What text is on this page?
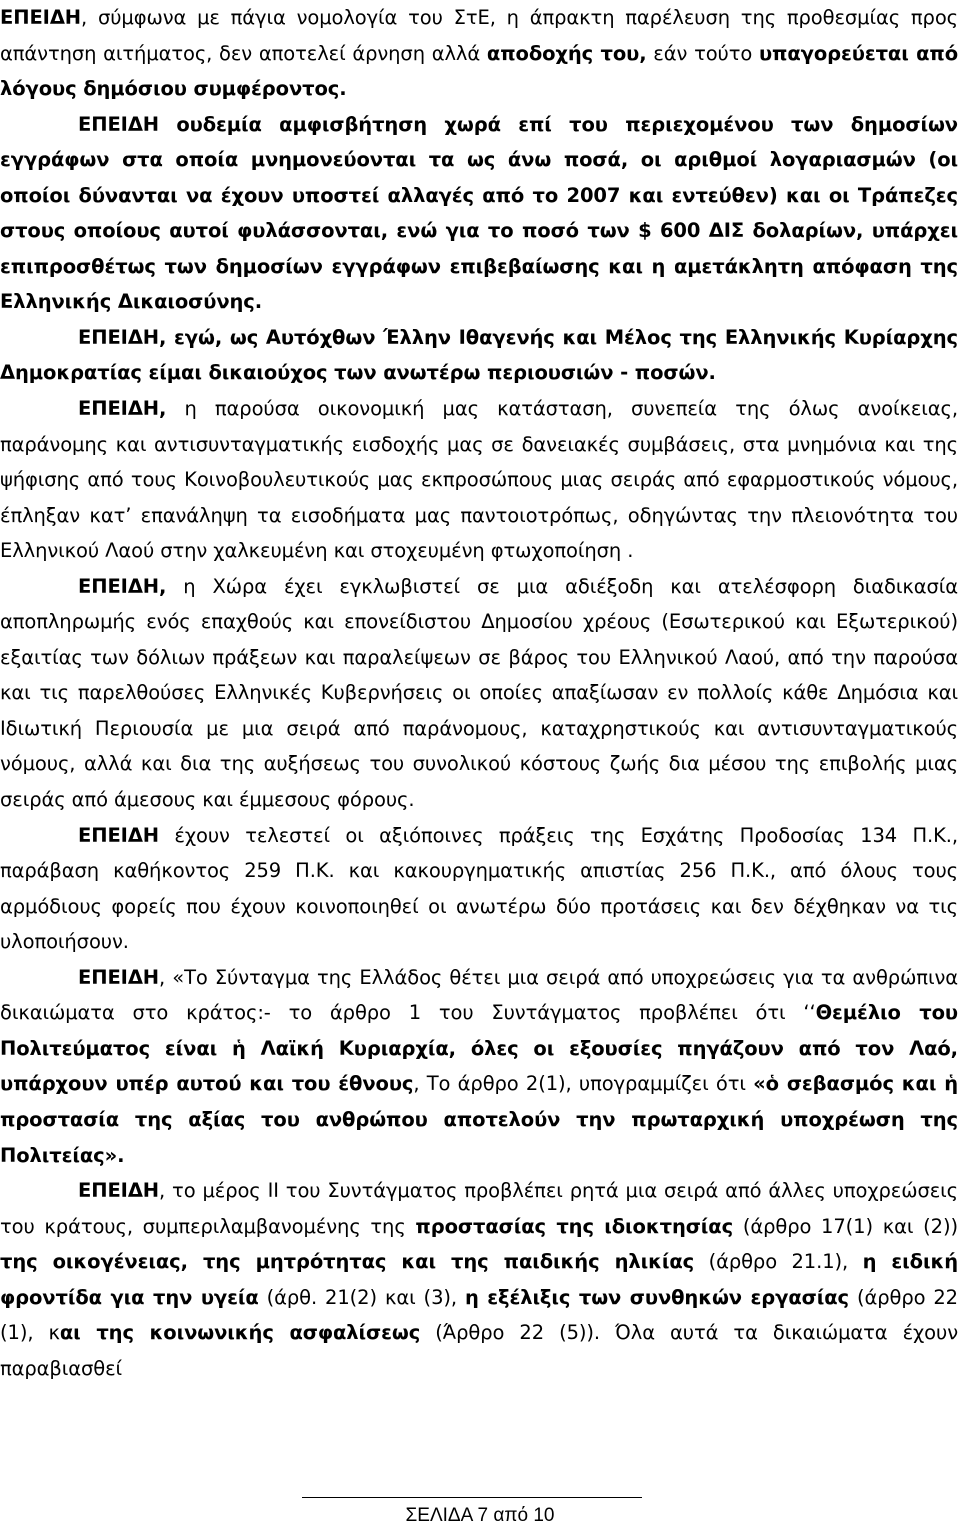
ΕΠΕΙΔΗ, σύμφωνα με πάγια νομολογία του ΣτΕ, η άπρακτη παρέλευση της προθεσμίας προς απάντηση αιτήματος, δεν αποτελεί άρνηση αλλά αποδοχής του, εάν τούτο υπαγορεύεται από λόγους δημόσιου συμφέροντος.

ΕΠΕΙΔΗ ουδεμία αμφισβήτηση χωρά επί του περιεχομένου των δημοσίων εγγράφων στα οποία μνημονεύονται τα ως άνω ποσά, οι αριθμοί λογαριασμών (οι οποίοι δύνανται να έχουν υποστεί αλλαγές από το 2007 και εντεύθεν) και οι Τράπεζες στους οποίους αυτοί φυλάσσονται, ενώ για το ποσό των $ 600 ΔΙΣ δολαρίων, υπάρχει επιπροσθέτως των δημοσίων εγγράφων επιβεβαίωσης και η αμετάκλητη απόφαση της Ελληνικής Δικαιοσύνης.

ΕΠΕΙΔΗ, εγώ, ως Αυτόχθων Έλλην Ιθαγενής και Μέλος της Ελληνικής Κυρίαρχης Δημοκρατίας είμαι δικαιούχος των ανωτέρω περιουσιών - ποσών.

ΕΠΕΙΔΗ, η παρούσα οικονομική μας κατάσταση, συνεπεία της όλως ανοίκειας, παράνομης και αντισυνταγματικής εισδοχής μας σε δανειακές συμβάσεις, στα μνημόνια και της ψήφισης από τους Κοινοβουλευτικούς μας εκπροσώπους μιας σειράς από εφαρμοστικούς νόμους, έπληξαν κατ’ επανάληψη τα εισοδήματα μας παντοιοτρόπως, οδηγώντας την πλειονότητα του Ελληνικού Λαού στην χαλκευμένη και στοχευμένη φτωχοποίηση .

ΕΠΕΙΔΗ, η Χώρα έχει εγκλωβιστεί σε μια αδιέξοδη και ατελέσφορη διαδικασία αποπληρωμής ενός επαχθούς και επονείδιστου Δημοσίου χρέους (Εσωτερικού και Εξωτερικού) εξαιτίας των δόλιων πράξεων και παραλείψεων σε βάρος του Ελληνικού Λαού, από την παρούσα και τις παρελθούσες Ελληνικές Κυβερνήσεις οι οποίες απαξίωσαν εν πολλοίς κάθε Δημόσια και Ιδιωτική Περιουσία με μια σειρά από παράνομους, καταχρηστικούς και αντισυνταγματικούς νόμους, αλλά και δια της αυξήσεως του συνολικού κόστους ζωής δια μέσου της επιβολής μιας σειράς από άμεσους και έμμεσους φόρους.

ΕΠΕΙΔΗ έχουν τελεστεί οι αξιόποινες πράξεις της Εσχάτης Προδοσίας 134 Π.Κ., παράβαση καθήκοντος 259 Π.Κ. και κακουργηματικής απιστίας 256 Π.Κ., από όλους τους αρμόδιους φορείς που έχουν κοινοποιηθεί οι ανωτέρω δύο προτάσεις και δεν δέχθηκαν να τις υλοποιήσουν.

ΕΠΕΙΔΗ, «Το Σύνταγμα της Ελλάδος θέτει μια σειρά από υποχρεώσεις για τα ανθρώπινα δικαιώματα στο κράτος:- το άρθρο 1 του Συντάγματος προβλέπει ότι ‘‘Θεμέλιο του Πολιτεύματος είναι ἡ Λαϊκή Κυριαρχία, όλες οι εξουσίες πηγάζουν από τον Λαό, υπάρχουν υπέρ αυτού και του έθνους, Το άρθρο 2(1), υπογραμμίζει ότι «ὁ σεβασμός και ἡ προστασία της αξίας του ανθρώπου αποτελούν την πρωταρχική υποχρέωση της Πολιτείας».

ΕΠΕΙΔΗ, το μέρος ΙΙ του Συντάγματος προβλέπει ρητά μια σειρά από άλλες υποχρεώσεις του κράτους, συμπεριλαμβανομένης της προστασίας της ιδιοκτησίας (άρθρο 17(1) και (2)) της οικογένειας, της μητρότητας και της παιδικής ηλικίας (άρθρο 21.1), η ειδική φροντίδα για την υγεία (άρθ. 21(2) και (3), η εξέλιξις των συνθηκών εργασίας (άρθρο 22 (1), και της κοινωνικής ασφαλίσεως (Άρθρο 22 (5)). Όλα αυτά τα δικαιώματα έχουν παραβιασθεί

ΣΕΛΙΔΑ 7 από 10
